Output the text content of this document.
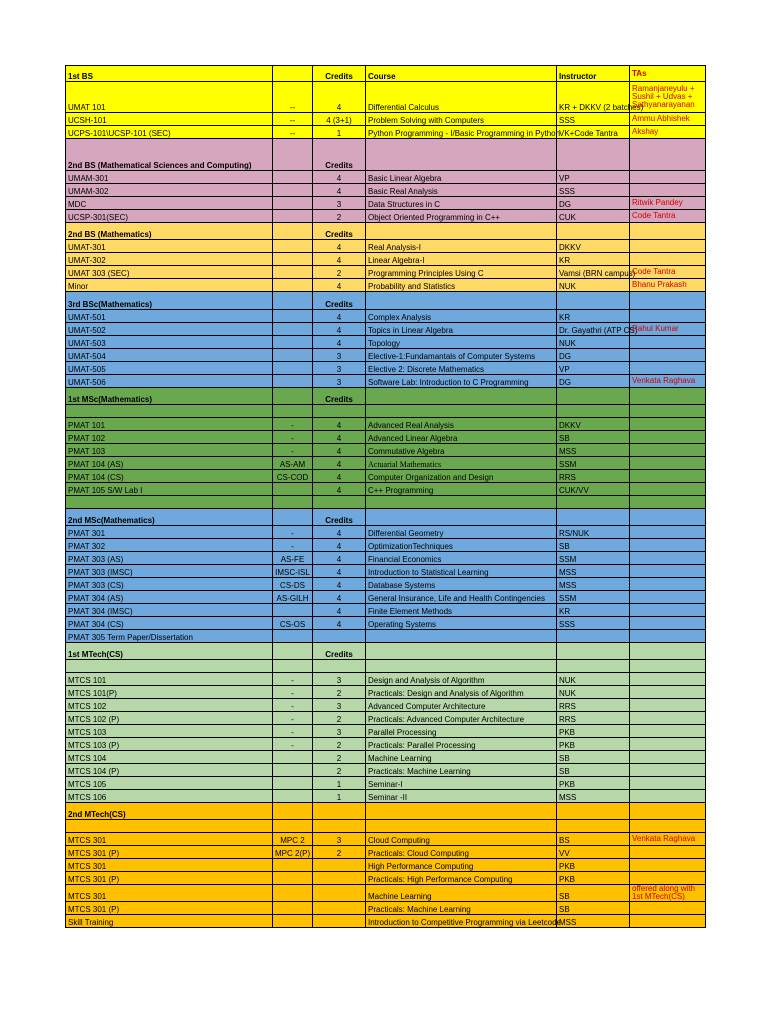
1st BS		Credits	Course	Instructor	TAs
UMAT 101	--	4	Differential Calculus	KR + DKKV (2 batches)	Ramanjaneyulu + Sushil + Udvas + Sathyanarayanan
UCSH-101	--	4 (3+1)	Problem Solving with Computers	SSS	Ammu Abhishek
UCPS-101\UCSP-101 (SEC)	--	1	Python Programming - I/Basic Programming in Python	VK+Code Tantra	Akshay
2nd BS (Mathematical Sciences and Computing)		Credits			
UMAM-301		4	Basic Linear Algebra	VP	
UMAM-302		4	Basic Real Analysis	SSS	
MDC		3	Data Structures in C	DG	Ritwik Pandey
UCSP-301(SEC)		2	Object Oriented Programming in C++	CUK	Code Tantra
2nd BS (Mathematics)		Credits			
UMAT-301		4	Real Analysis-I	DKKV	
UMAT-302		4	Linear Algebra-I	KR	
UMAT 303 (SEC)		2	Programming Principles Using C	Vamsi (BRN campus)	Code Tantra
Minor		4	Probability and Statistics	NUK	Bhanu Prakash
3rd BSc(Mathematics)		Credits			
UMAT-501		4	Complex Analysis	KR	
UMAT-502		4	Topics in Linear Algebra	Dr. Gayathri (ATP CS)	Rahul Kumar
UMAT-503		4	Topology	NUK	
UMAT-504		3	Elective-1:Fundamantals of Computer Systems	DG	
UMAT-505		3	Elective 2: Discrete Mathematics	VP	
UMAT-506		3	Software Lab: Introduction to C Programming	DG	Venkata Raghava
1st MSc(Mathematics)		Credits			

PMAT 101	-	4	Advanced Real Analysis	DKKV	
PMAT 102	-	4	Advanced Linear Algebra	SB	
PMAT 103	-	4	Commutative Algebra	MSS	
PMAT 104 (AS)	AS-AM	4	Actuarial Mathematics	SSM	
PMAT 104 (CS)	CS-COD	4	Computer Organization and Design	RRS	
PMAT 105 S/W Lab I		4	C++ Programming	CUK/VV	

2nd MSc(Mathematics)		Credits			
PMAT 301	-	4	Differential Geometry	RS/NUK	
PMAT 302	-	4	OptimizationTechniques	SB	
PMAT 303 (AS)	AS-FE	4	Financial Economics	SSM	
PMAT 303 (IMSC)	IMSC-ISL	4	Introduction to Statistical Learning	MSS	
PMAT 303 (CS)	CS-DS	4	Database Systems	MSS	
PMAT 304 (AS)	AS-GILH	4	General Insurance, Life and Health Contingencies	SSM	
PMAT 304 (IMSC)		4	Finite Element Methods	KR	
PMAT 304 (CS)	CS-OS	4	Operating Systems	SSS	
PMAT 305 Term Paper/Dissertation					
1st MTech(CS)		Credits			

MTCS 101	-	3	Design and Analysis of Algorithm	NUK	
MTCS 101(P)	-	2	Practicals: Design and Analysis of Algorithm	NUK	
MTCS 102	-	3	Advanced Computer Architecture	RRS	
MTCS 102 (P)	-	2	Practicals: Advanced Computer Architecture	RRS	
MTCS 103	-	3	Parallel Processing	PKB	
MTCS 103 (P)	-	2	Practicals: Parallel Processing	PKB	
MTCS 104		2	Machine Learning	SB	
MTCS 104 (P)		2	Practicals: Machine Learning	SB	
MTCS 105		1	Seminar-I	PKB	
MTCS 106		1	Seminar -II	MSS	
2nd MTech(CS)					

MTCS 301	MPC 2	3	Cloud Computing	BS	Venkata Raghava
MTCS 301 (P)	MPC 2(P)	2	Practicals: Cloud Computing	VV	
MTCS 301			High Performance Computing	PKB	
MTCS 301 (P)			Practicals: High Performance Computing	PKB	
MTCS 301			Machine Learning	SB	offered along with 1st MTech(CS)
MTCS 301 (P)			Practicals: Machine Learning	SB	
Skill Training			Introduction to Competitive Programming via Leetcode	MSS	
